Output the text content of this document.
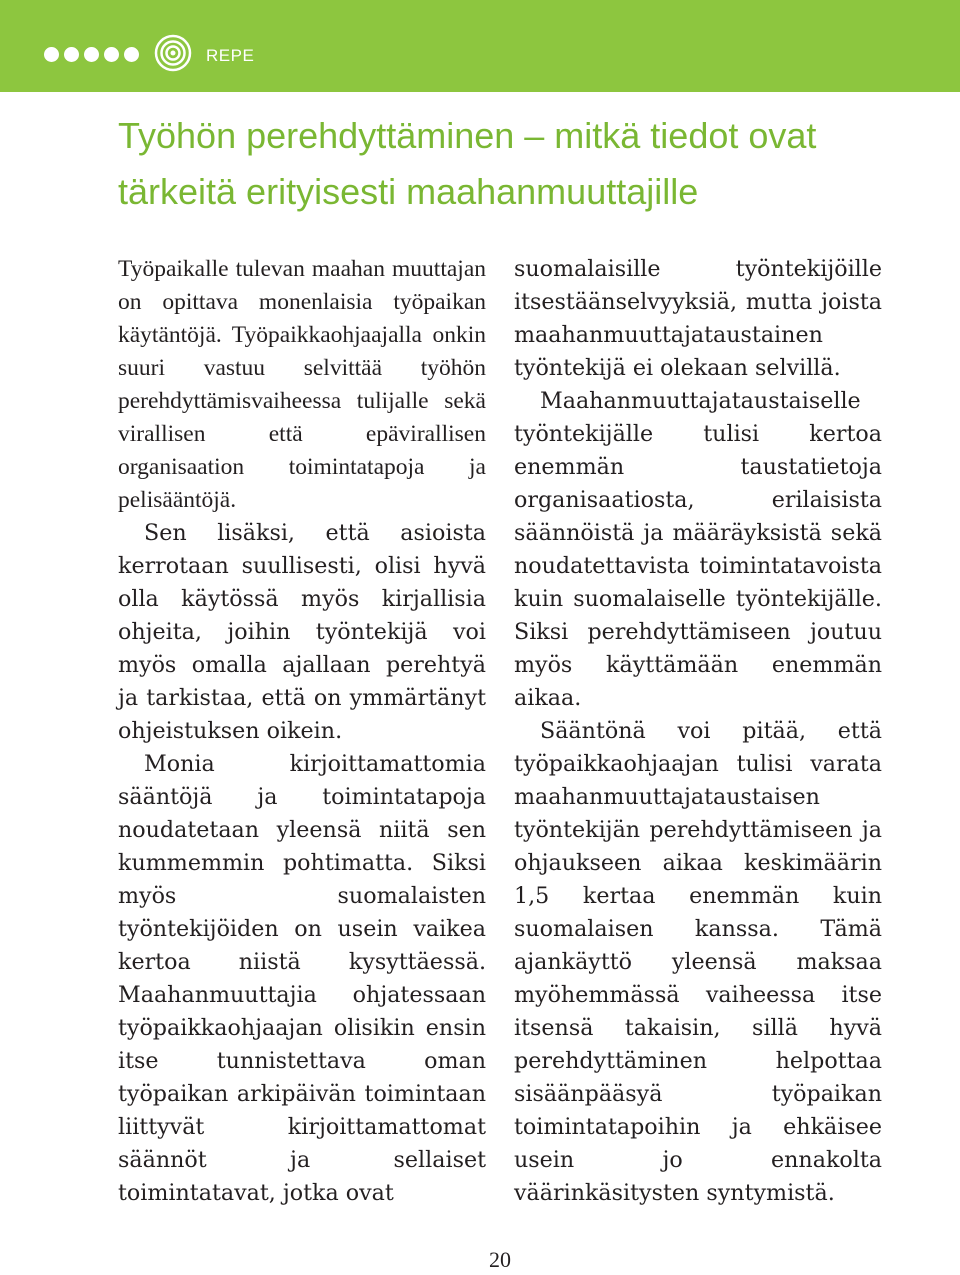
REPE
Työhön perehdyttäminen – mitkä tiedot ovat tärkeitä erityisesti maahanmuuttajille

Työpaikalle tulevan maahan muuttajan on opittava monenlaisia työpaikan käytäntöjä. Työpaikkaohjaajalla onkin suuri vastuu selvittää työhön perehdyttämisvaiheessa tulijalle sekä virallisen että epävirallisen organisaation toimintatapoja ja pelisääntöjä.

Sen lisäksi, että asioista kerrotaan suullisesti, olisi hyvä olla käytössä myös kirjallisia ohjeita, joihin työntekijä voi myös omalla ajallaan perehtyä ja tarkistaa, että on ymmärtänyt ohjeistuksen oikein.

Monia kirjoittamattomia sääntöjä ja toimintatapoja noudatetaan yleensä niitä sen kummemmin pohtimatta. Siksi myös suomalaisten työntekijöiden on usein vaikea kertoa niistä kysyttäessä. Maahanmuuttajia ohjatessaan työpaikkaohjaajan olisikin ensin itse tunnistettava oman työpaikan arkipäivän toimintaan liittyvät kirjoittamattomat säännöt ja sellaiset toimintatavat, jotka ovat

suomalaisille työntekijöille itsestäänselvyyksiä, mutta joista maahanmuuttajataustainen työntekijä ei olekaan selvillä.

Maahanmuuttajataustaiselle työntekijälle tulisi kertoa enemmän taustatietoja organisaatiosta, erilaisista säännöistä ja määräyksistä sekä noudatettavista toimintatavoista kuin suomalaiselle työntekijälle. Siksi perehdyttämiseen joutuu myös käyttämään enemmän aikaa.

Sääntönä voi pitää, että työpaikkaohjaajan tulisi varata maahanmuuttajataustaisen työntekijän perehdyttämiseen ja ohjaukseen aikaa keskimäärin 1,5 kertaa enemmän kuin suomalaisen kanssa. Tämä ajankäyttö yleensä maksaa myöhemmässä vaiheessa itse itsensä takaisin, sillä hyvä perehdyttäminen helpottaa sisäänpääsyä työpaikan toimintatapoihin ja ehkäisee usein jo ennakolta väärinkäsitysten syntymistä.

20
